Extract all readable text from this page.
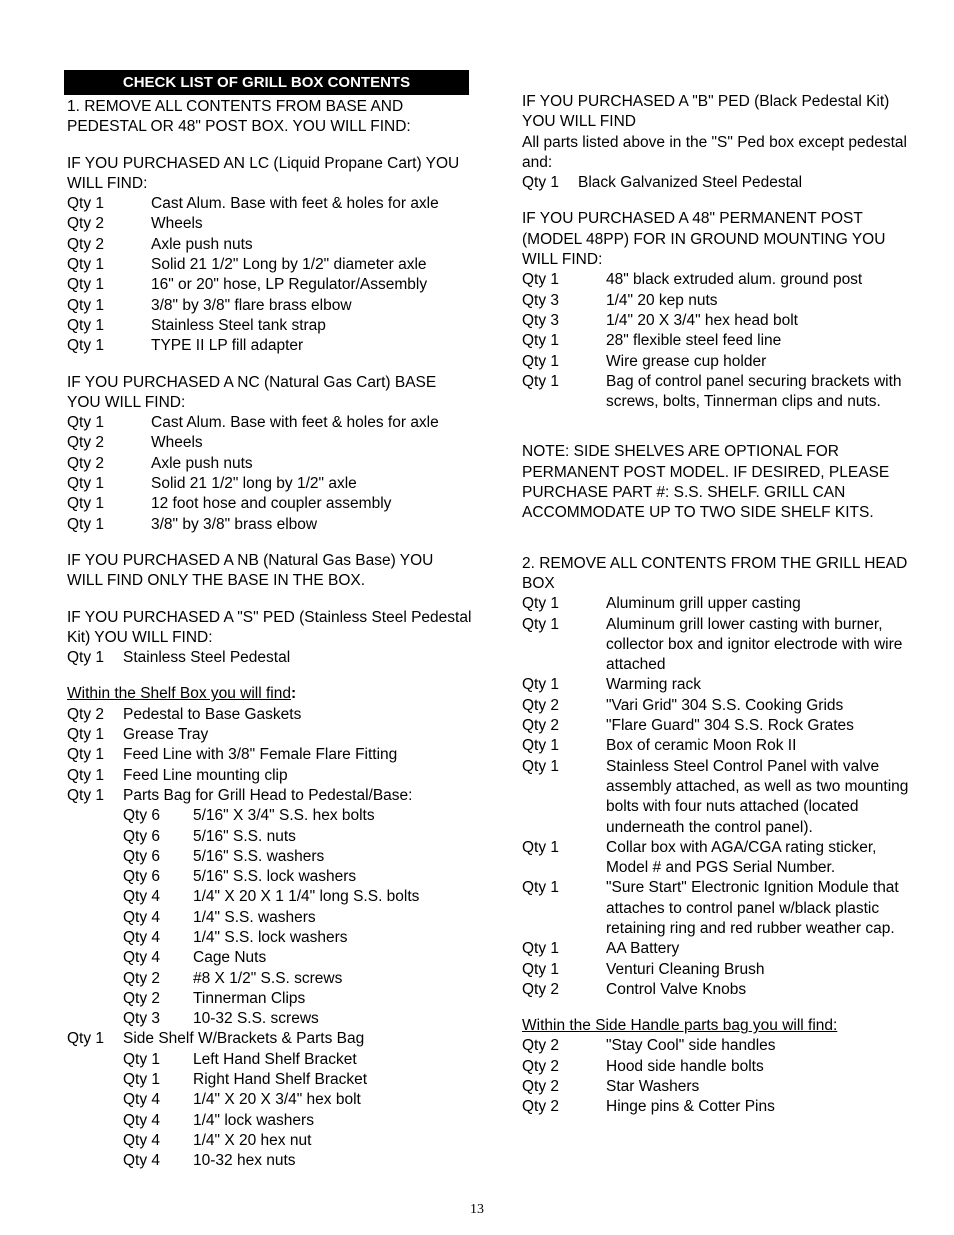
CHECK LIST OF GRILL BOX CONTENTS

1. REMOVE ALL CONTENTS FROM BASE AND PEDESTAL OR 48" POST BOX. YOU WILL FIND:

IF YOU PURCHASED AN LC (Liquid Propane Cart) YOU WILL FIND:

Qty 1	Cast Alum. Base with feet & holes for axle
Qty 2	Wheels
Qty 2	Axle push nuts
Qty 1	Solid 21 1/2" Long by 1/2" diameter axle
Qty 1	16" or 20" hose, LP Regulator/Assembly
Qty 1	3/8" by 3/8" flare brass elbow
Qty 1	Stainless Steel tank strap
Qty 1	TYPE II LP fill adapter

IF YOU PURCHASED A NC (Natural Gas Cart) BASE YOU WILL FIND:

Qty 1	Cast Alum. Base with feet & holes for axle
Qty 2	Wheels
Qty 2	Axle push nuts
Qty 1	Solid 21 1/2" long by 1/2" axle
Qty 1	12 foot hose and coupler assembly
Qty 1	3/8" by 3/8" brass elbow

IF YOU PURCHASED A NB (Natural Gas Base) YOU WILL FIND ONLY THE BASE IN THE BOX.

IF YOU PURCHASED A "S" PED (Stainless Steel Pedestal Kit) YOU WILL FIND:

Qty 1	Stainless Steel Pedestal

Within the Shelf Box you will find:

Qty 2	Pedestal to Base Gaskets
Qty 1	Grease Tray
Qty 1	Feed Line with 3/8" Female Flare Fitting
Qty 1	Feed Line mounting clip
Qty 1	Parts Bag for Grill Head to Pedestal/Base:
Qty 6	5/16" X 3/4" S.S. hex bolts
Qty 6	5/16" S.S. nuts
Qty 6	5/16" S.S. washers
Qty 6	5/16" S.S. lock washers
Qty 4	1/4" X 20 X 1 1/4" long S.S. bolts
Qty 4	1/4" S.S. washers
Qty 4	1/4" S.S. lock washers
Qty 4	Cage Nuts
Qty 2	#8 X 1/2" S.S. screws
Qty 2	Tinnerman Clips
Qty 3	10-32 S.S. screws
Qty 1	Side Shelf W/Brackets & Parts Bag
Qty 1	Left Hand Shelf Bracket
Qty 1	Right Hand Shelf Bracket
Qty 4	1/4" X 20 X 3/4" hex bolt
Qty 4	1/4" lock washers
Qty 4	1/4" X 20 hex nut
Qty 4	10-32 hex nuts

IF YOU PURCHASED A "B" PED (Black Pedestal Kit) YOU WILL FIND

All parts listed above in the "S" Ped box except pedestal and:

Qty 1	Black Galvanized Steel Pedestal

IF YOU PURCHASED A 48" PERMANENT POST (MODEL 48PP) FOR IN GROUND MOUNTING YOU WILL FIND:

Qty 1	48" black extruded alum. ground post
Qty 3	1/4" 20 kep nuts
Qty 3	1/4" 20 X 3/4" hex head bolt
Qty 1	28" flexible steel feed line
Qty 1	Wire grease cup holder
Qty 1	Bag of control panel securing brackets with screws, bolts, Tinnerman clips and nuts.

NOTE: SIDE SHELVES ARE OPTIONAL FOR PERMANENT POST MODEL. IF DESIRED, PLEASE PURCHASE PART #: S.S. SHELF. GRILL CAN ACCOMMODATE UP TO TWO SIDE SHELF KITS.

2. REMOVE ALL CONTENTS FROM THE GRILL HEAD BOX

Qty 1	Aluminum grill upper casting
Qty 1	Aluminum grill lower casting with burner, collector box and ignitor electrode with wire attached
Qty 1	Warming rack
Qty 2	"Vari Grid" 304 S.S. Cooking Grids
Qty 2	"Flare Guard" 304 S.S. Rock Grates
Qty 1	Box of ceramic Moon Rok II
Qty 1	Stainless Steel Control Panel with valve assembly attached, as well as two mounting bolts with four nuts attached (located underneath the control panel).
Qty 1	Collar box with AGA/CGA rating sticker, Model # and PGS Serial Number.
Qty 1	"Sure Start" Electronic Ignition Module that attaches to control panel w/black plastic retaining ring and red rubber weather cap.
Qty 1	AA Battery
Qty 1	Venturi Cleaning Brush
Qty 2	Control Valve Knobs

Within the Side Handle parts bag you will find:

Qty 2	"Stay Cool" side handles
Qty 2	Hood side handle bolts
Qty 2	Star Washers
Qty 2	Hinge pins & Cotter Pins
13
